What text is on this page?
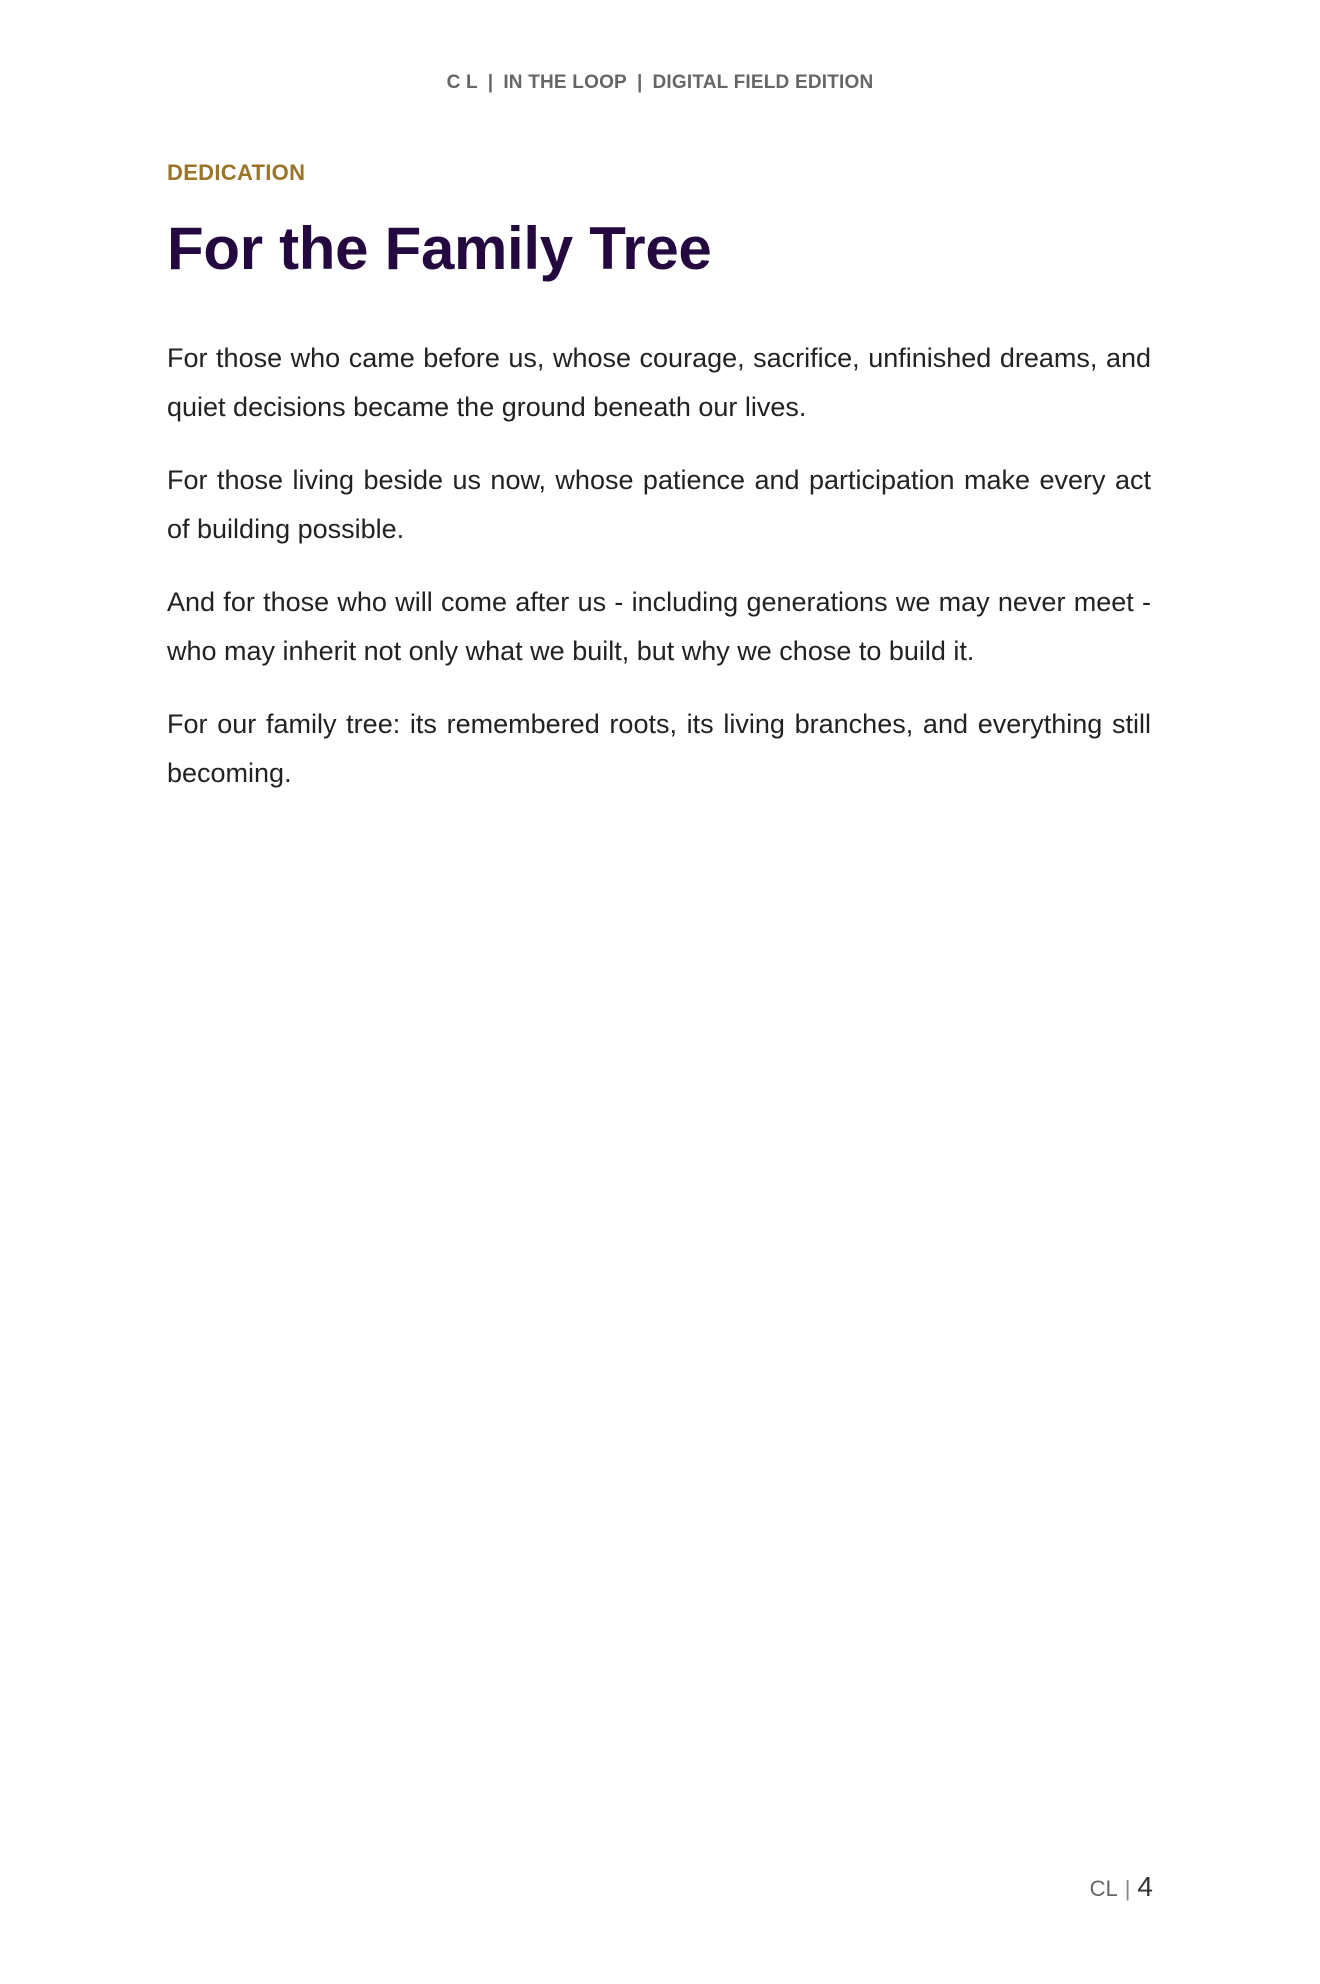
C L | IN THE LOOP | DIGITAL FIELD EDITION
DEDICATION
For the Family Tree

For those who came before us, whose courage, sacrifice, unfinished dreams, and quiet decisions became the ground beneath our lives.

For those living beside us now, whose patience and participation make every act of building possible.

And for those who will come after us - including generations we may never meet - who may inherit not only what we built, but why we chose to build it.

For our family tree: its remembered roots, its living branches, and everything still becoming.

CL | 4
